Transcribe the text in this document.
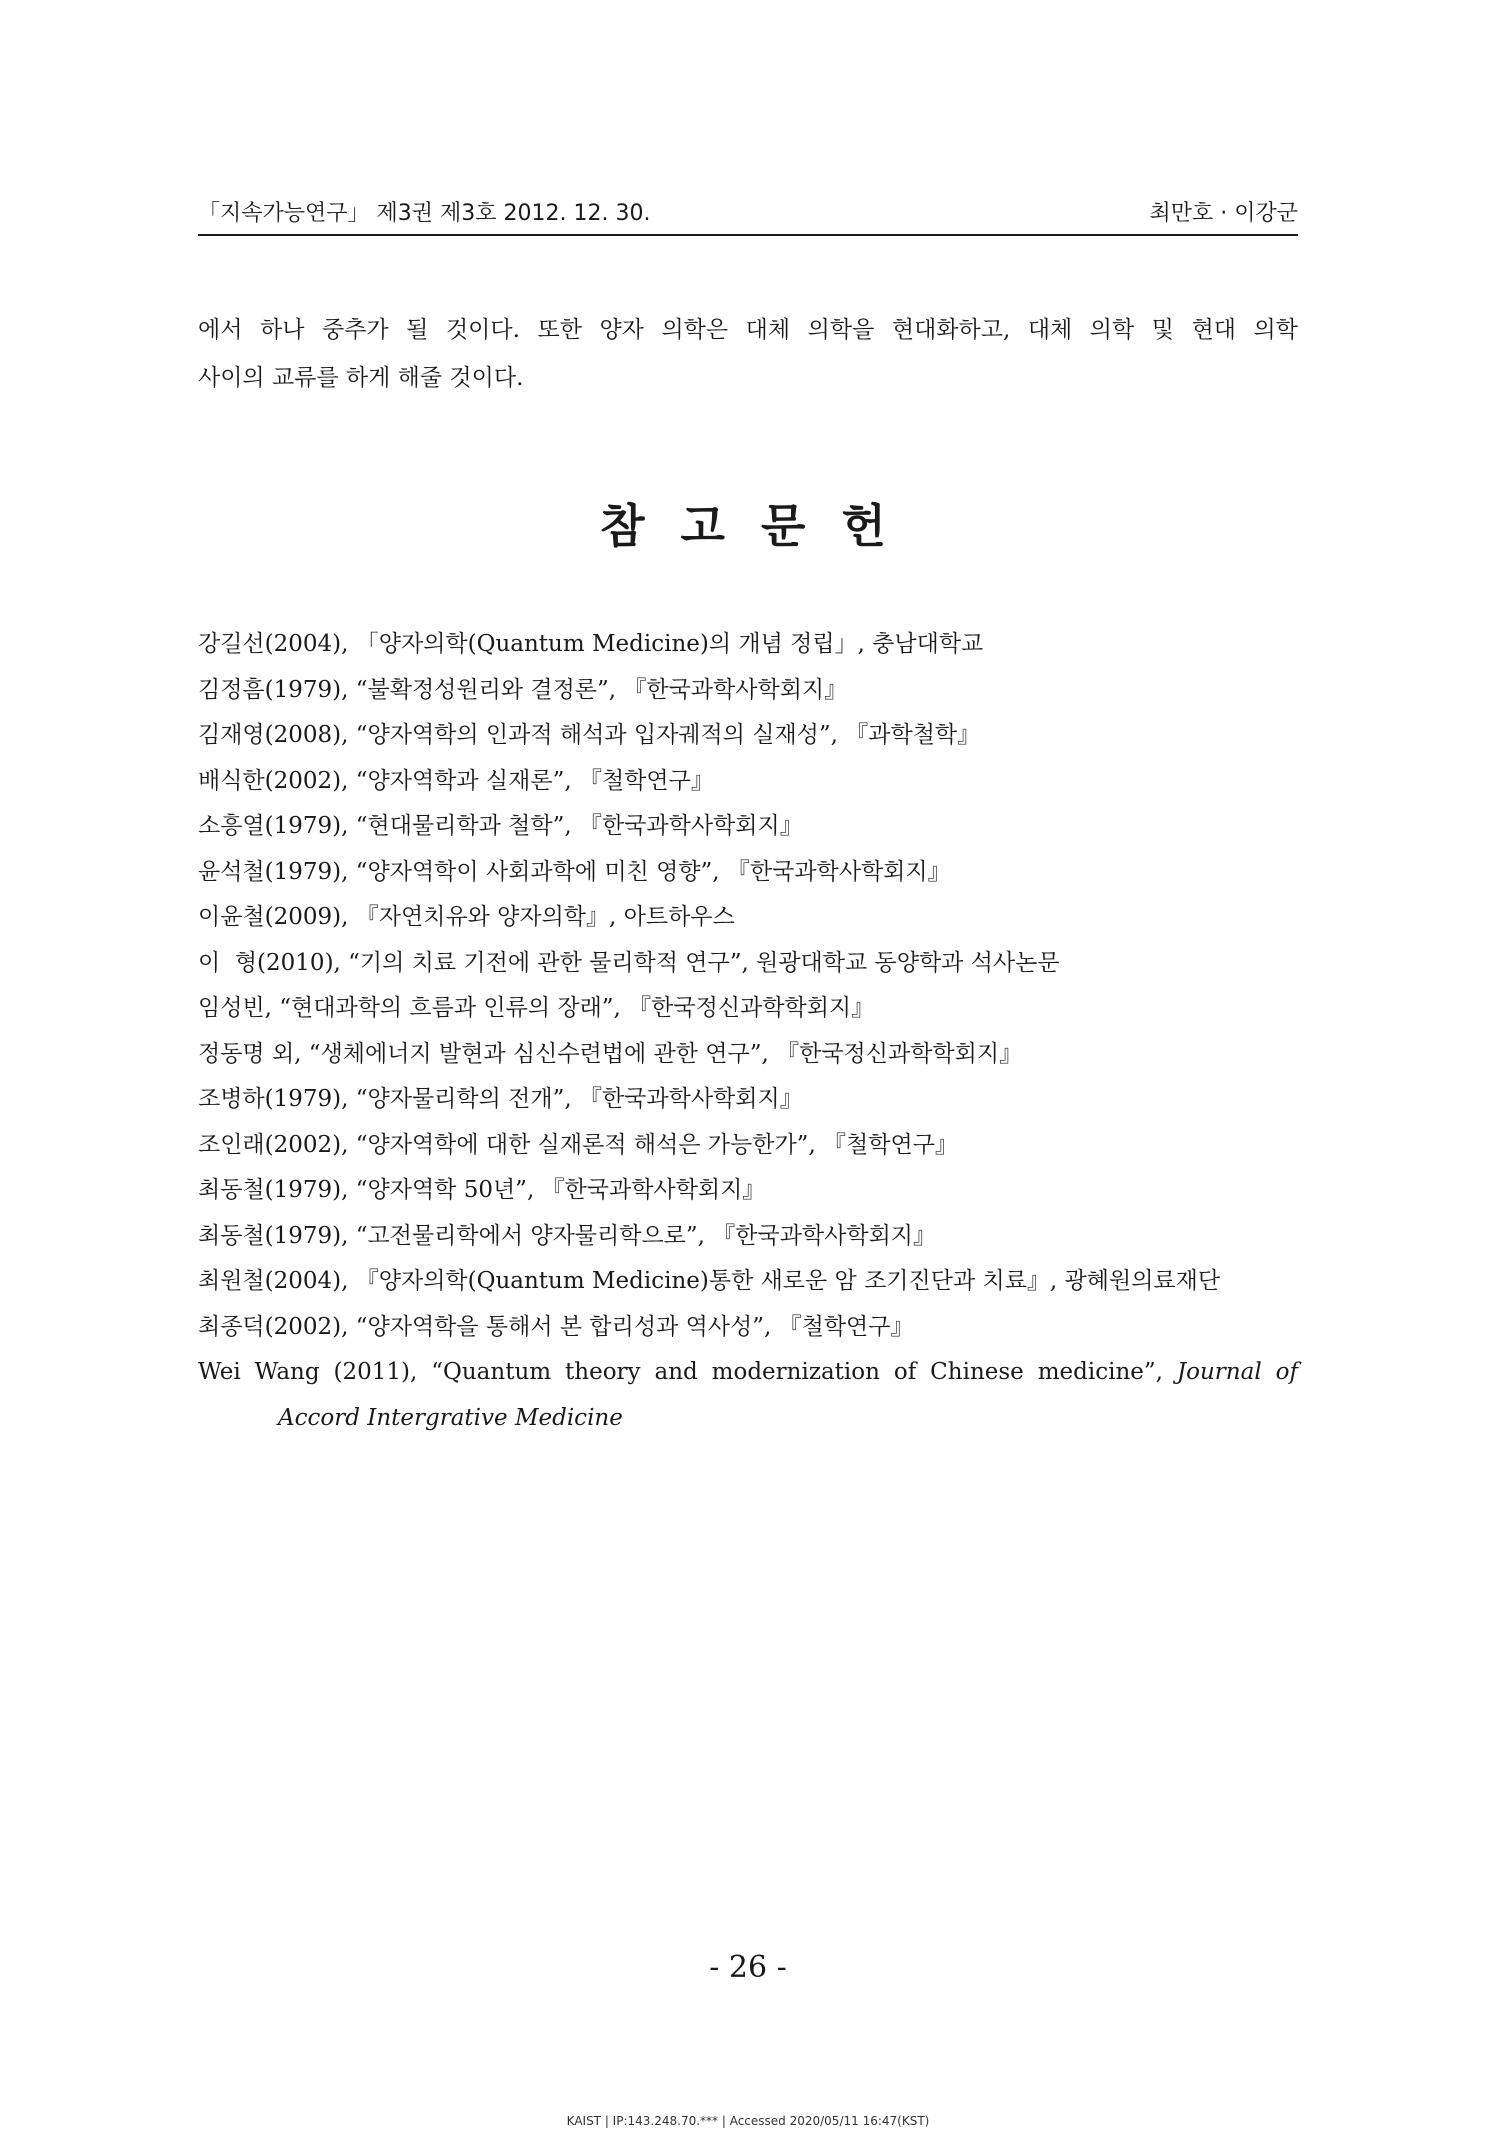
「지속가능연구」 제3권 제3호 2012. 12. 30.	최만호 · 이강군

에서 하나 중추가 될 것이다. 또한 양자 의학은 대체 의학을 현대화하고, 대체 의학 및 현대 의학

사이의 교류를 하게 해줄 것이다.

참 고 문 헌
강길선(2004), 「양자의학(Quantum Medicine)의 개념 정립」, 충남대학교
김정흠(1979), “불확정성원리와 결정론”, 『한국과학사학회지』
김재영(2008), “양자역학의 인과적 해석과 입자궤적의 실재성”, 『과학철학』
배식한(2002), “양자역학과 실재론”, 『철학연구』
소흥열(1979), “현대물리학과 철학”, 『한국과학사학회지』
윤석철(1979), “양자역학이 사회과학에 미친 영향”, 『한국과학사학회지』
이윤철(2009), 『자연치유와 양자의학』, 아트하우스
이  형(2010), “기의 치료 기전에 관한 물리학적 연구”, 원광대학교 동양학과 석사논문
임성빈, “현대과학의 흐름과 인류의 장래”, 『한국정신과학학회지』
정동명 외, “생체에너지 발현과 심신수련법에 관한 연구”, 『한국정신과학학회지』
조병하(1979), “양자물리학의 전개”, 『한국과학사학회지』
조인래(2002), “양자역학에 대한 실재론적 해석은 가능한가”, 『철학연구』
최동철(1979), “양자역학 50년”, 『한국과학사학회지』
최동철(1979), “고전물리학에서 양자물리학으로”, 『한국과학사학회지』
최원철(2004), 『양자의학(Quantum Medicine)통한 새로운 암 조기진단과 치료』, 광혜원의료재단
최종덕(2002), “양자역학을 통해서 본 합리성과 역사성”, 『철학연구』
Wei Wang (2011), “Quantum theory and modernization of Chinese medicine”, Journal of Accord Intergrative Medicine
- 26 -
KAIST | IP:143.248.70.*** | Accessed 2020/05/11 16:47(KST)
